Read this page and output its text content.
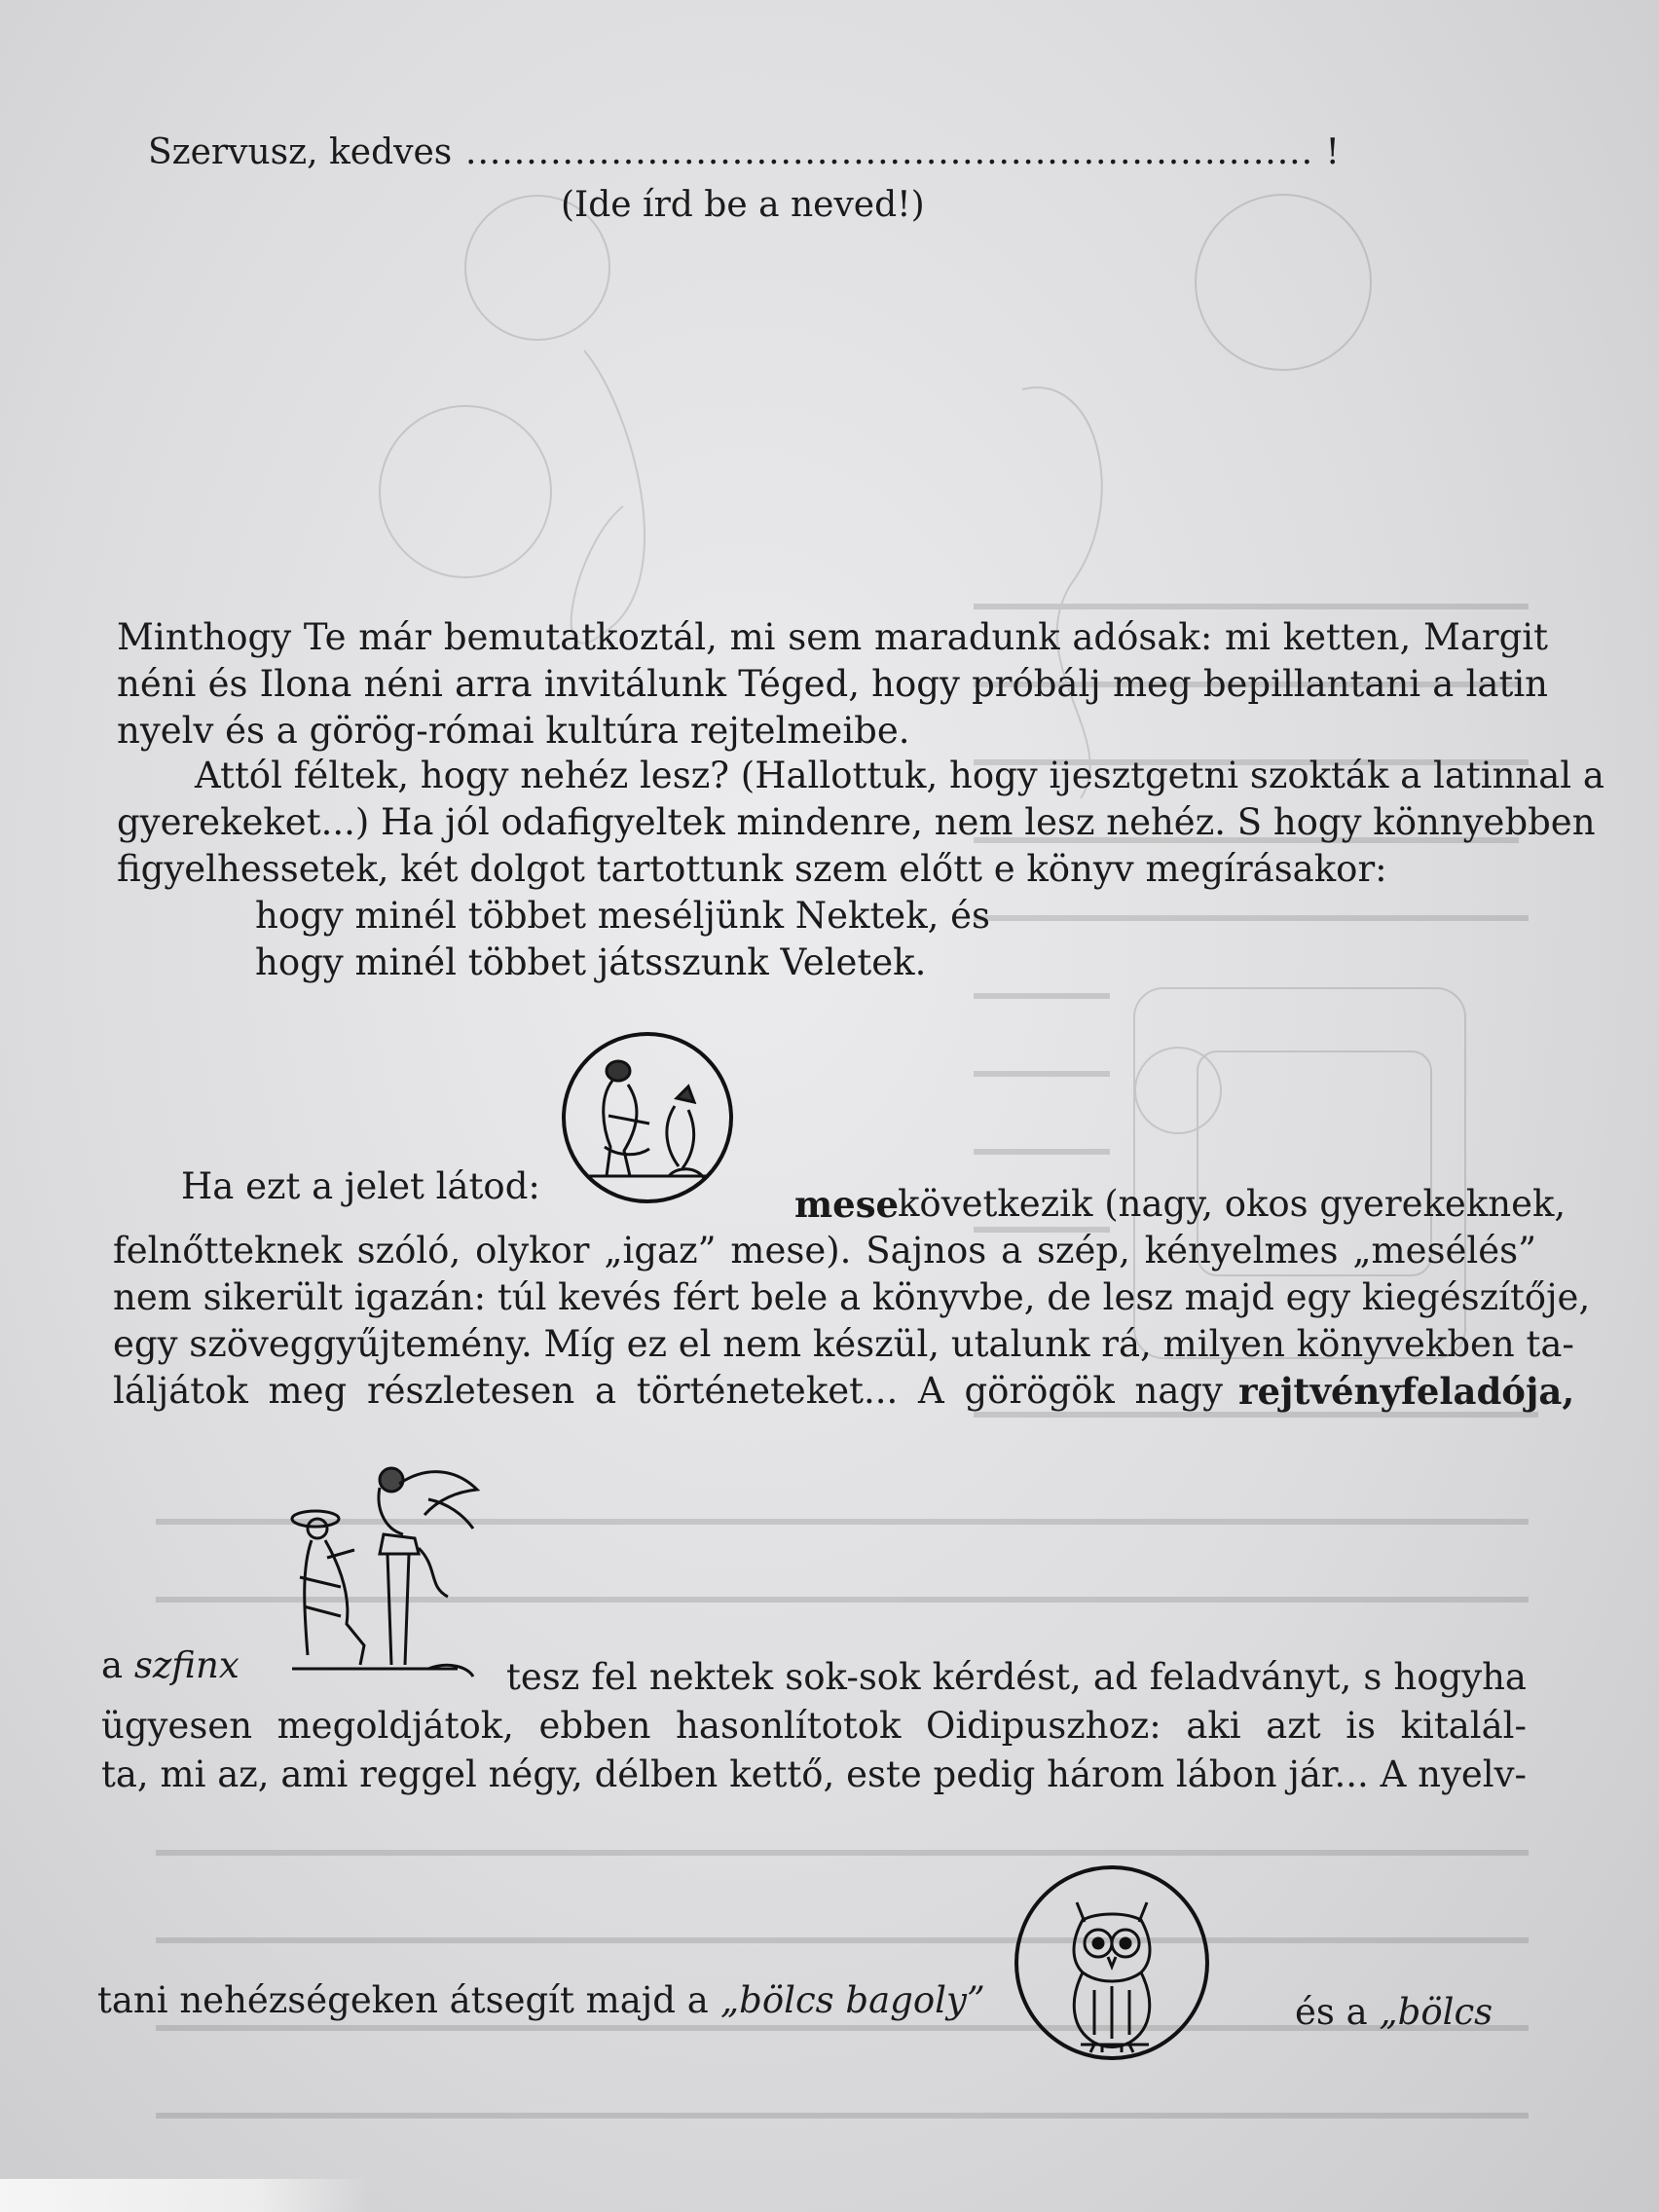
Szervusz, kedves ...................................................................... !
(Ide írd be a neved!)
Minthogy Te már bemutatkoztál, mi sem maradunk adósak: mi ketten, Margit
néni és Ilona néni arra invitálunk Téged, hogy próbálj meg bepillantani a latin
nyelv és a görög-római kultúra rejtelmeibe.
Attól féltek, hogy nehéz lesz? (Hallottuk, hogy ijesztgetni szokták a latinnal a
gyerekeket...) Ha jól odafigyeltek mindenre, nem lesz nehéz. S hogy könnyebben
figyelhessetek, két dolgot tartottunk szem előtt e könyv megírásakor:
hogy minél többet meséljünk Nektek, és
hogy minél többet játsszunk Veletek.
Ha ezt a jelet látod:	mese
következik (nagy, okos gyerekeknek,
felnőtteknek szóló, olykor „igaz” mese). Sajnos a szép, kényelmes „mesélés”
nem sikerült igazán: túl kevés fért bele a könyvbe, de lesz majd egy kiegészítője,
egy szöveggyűjtemény. Míg ez el nem készül, utalunk rá, milyen könyvekben ta-
láljátok meg részletesen a történeteket... A görögök nagy rejtvényfeladója,
a szfinx	tesz fel nektek sok-sok kérdést, ad feladványt, s hogyha
ügyesen megoldjátok, ebben hasonlítotok Oidipuszhoz: aki azt is kitalál-
ta, mi az, ami reggel négy, délben kettő, este pedig három lábon jár... A nyelv-
tani nehézségeken átsegít majd a „bölcs bagoly”	és a „bölcs
